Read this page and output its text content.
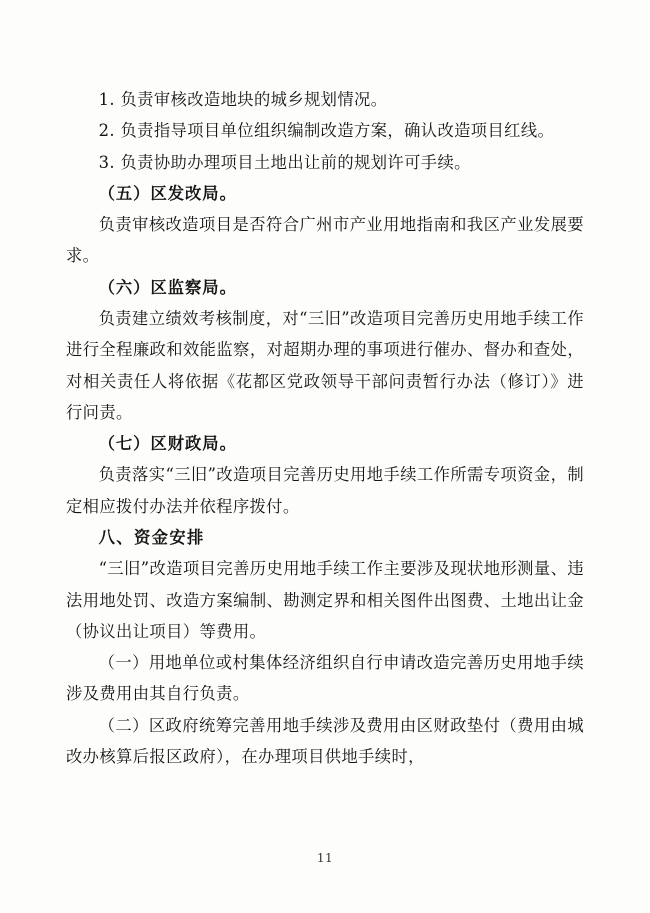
1. 负责审核改造地块的城乡规划情况。

2. 负责指导项目单位组织编制改造方案，确认改造项目红线。

3. 负责协助办理项目土地出让前的规划许可手续。

（五）区发改局。

负责审核改造项目是否符合广州市产业用地指南和我区产业发展要求。

（六）区监察局。

负责建立绩效考核制度，对“三旧”改造项目完善历史用地手续工作进行全程廉政和效能监察，对超期办理的事项进行催办、督办和查处，对相关责任人将依据《花都区党政领导干部问责暂行办法（修订）》进行问责。

（七）区财政局。

负责落实“三旧”改造项目完善历史用地手续工作所需专项资金，制定相应拨付办法并依程序拨付。

八、资金安排

“三旧”改造项目完善历史用地手续工作主要涉及现状地形测量、违法用地处罚、改造方案编制、勘测定界和相关图件出图费、土地出让金（协议出让项目）等费用。

（一）用地单位或村集体经济组织自行申请改造完善历史用地手续涉及费用由其自行负责。

（二）区政府统筹完善用地手续涉及费用由区财政垫付（费用由城改办核算后报区政府），在办理项目供地手续时，

11
